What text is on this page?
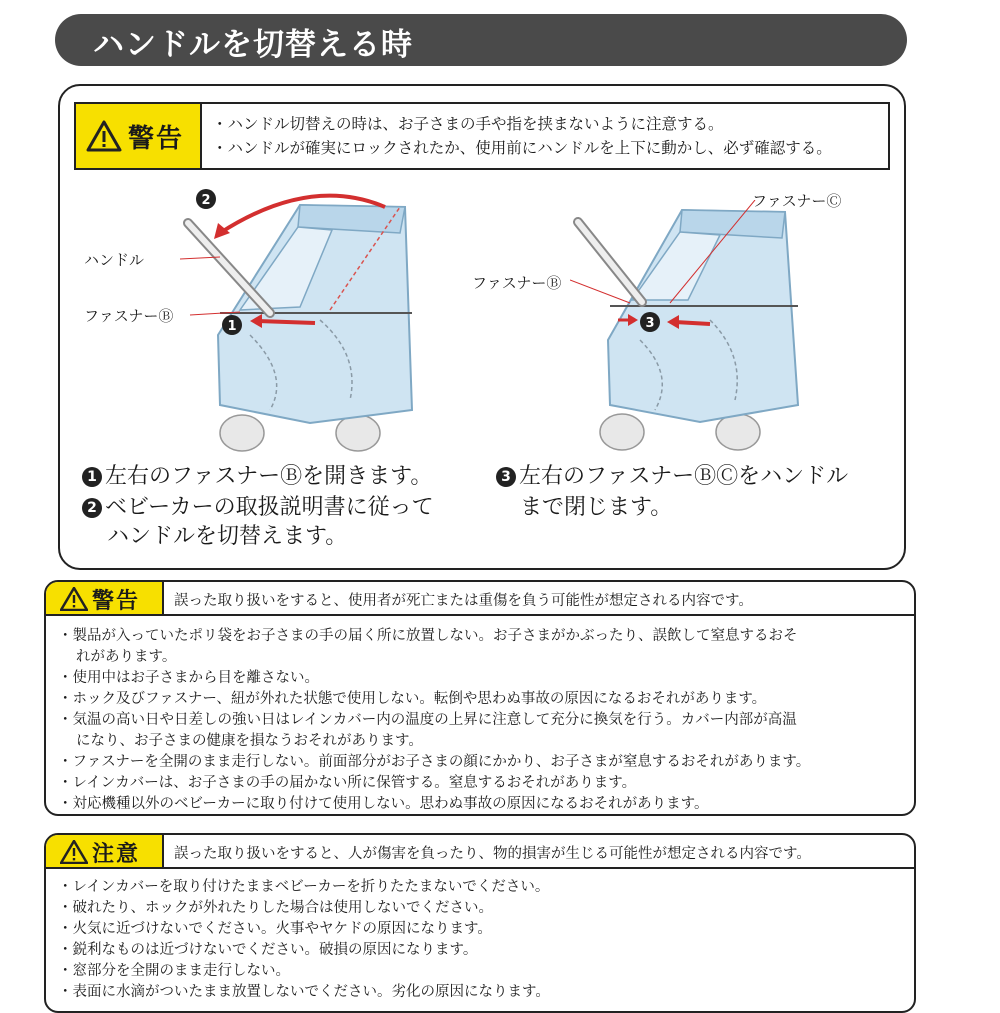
ハンドルを切替える時
警告 ・ハンドル切替えの時は、お子さまの手や指を挟まないように注意する。
・ハンドルが確実にロックされたか、使用前にハンドルを上下に動かし、必ず確認する。
1
2
ハンドル
ファスナーⒷ	3
ファスナーⒷ
ファスナーⒸ
1 左右のファスナーⒷを開きます。
2 ベビーカーの取扱説明書に従って
ハンドルを切替えます。
3 左右のファスナーⒷⒸをハンドル
まで閉じます。
警告 誤った取り扱いをすると、使用者が死亡または重傷を負う可能性が想定される内容です。
・製品が入っていたポリ袋をお子さまの手の届く所に放置しない。お子さまがかぶったり、誤飲して窒息するおそ
れがあります。
・使用中はお子さまから目を離さない。
・ホック及びファスナー、紐が外れた状態で使用しない。転倒や思わぬ事故の原因になるおそれがあります。
・気温の高い日や日差しの強い日はレインカバー内の温度の上昇に注意して充分に換気を行う。カバー内部が高温
になり、お子さまの健康を損なうおそれがあります。
・ファスナーを全開のまま走行しない。前面部分がお子さまの顔にかかり、お子さまが窒息するおそれがあります。
・レインカバーは、お子さまの手の届かない所に保管する。窒息するおそれがあります。
・対応機種以外のベビーカーに取り付けて使用しない。思わぬ事故の原因になるおそれがあります。
注意 誤った取り扱いをすると、人が傷害を負ったり、物的損害が生じる可能性が想定される内容です。
・レインカバーを取り付けたままベビーカーを折りたたまないでください。
・破れたり、ホックが外れたりした場合は使用しないでください。
・火気に近づけないでください。火事やヤケドの原因になります。
・鋭利なものは近づけないでください。破損の原因になります。
・窓部分を全開のまま走行しない。
・表面に水滴がついたまま放置しないでください。劣化の原因になります。
